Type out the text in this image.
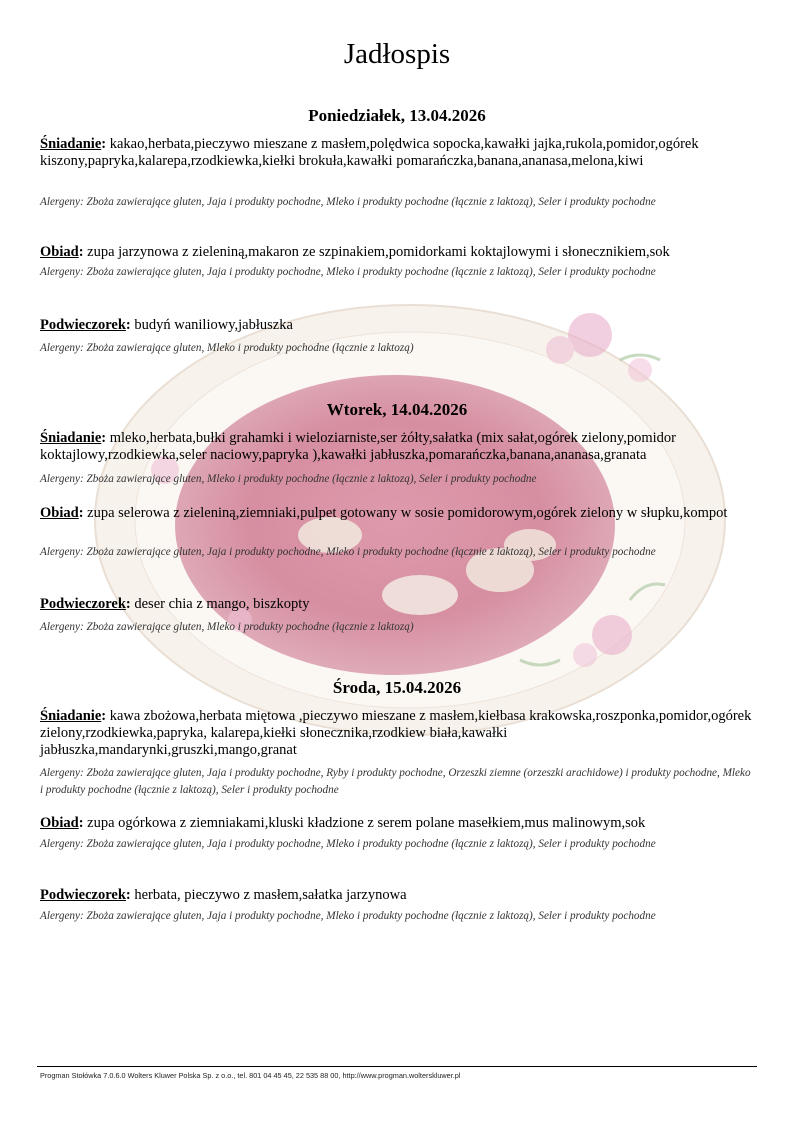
Jadłospis
Poniedziałek, 13.04.2026

Śniadanie: kakao,herbata,pieczywo mieszane z masłem,polędwica sopocka,kawałki jajka,rukola,pomidor,ogórek kiszony,papryka,kalarepa,rzodkiewka,kiełki brokuła,kawałki pomarańczka,banana,ananasa,melona,kiwi

Alergeny: Zboża zawierające gluten, Jaja i produkty pochodne, Mleko i produkty pochodne (łącznie z laktozą), Seler i produkty pochodne

Obiad: zupa jarzynowa z zieleniną,makaron ze szpinakiem,pomidorkami koktajlowymi i słonecznikiem,sok

Alergeny: Zboża zawierające gluten, Jaja i produkty pochodne, Mleko i produkty pochodne (łącznie z laktozą), Seler i produkty pochodne

Podwieczorek: budyń waniliowy,jabłuszka

Alergeny: Zboża zawierające gluten, Mleko i produkty pochodne (łącznie z laktozą)

Wtorek, 14.04.2026

Śniadanie: mleko,herbata,bułki grahamki i wieloziarniste,ser żółty,sałatka (mix sałat,ogórek zielony,pomidor koktajlowy,rzodkiewka,seler naciowy,papryka ),kawałki jabłuszka,pomarańczka,banana,ananasa,granata

Alergeny: Zboża zawierające gluten, Mleko i produkty pochodne (łącznie z laktozą), Seler i produkty pochodne

Obiad: zupa selerowa z zieleniną,ziemniaki,pulpet gotowany w sosie pomidorowym,ogórek zielony w słupku,kompot

Alergeny: Zboża zawierające gluten, Jaja i produkty pochodne, Mleko i produkty pochodne (łącznie z laktozą), Seler i produkty pochodne

Podwieczorek: deser chia z mango, biszkopty

Alergeny: Zboża zawierające gluten, Mleko i produkty pochodne (łącznie z laktozą)

Środa, 15.04.2026

Śniadanie: kawa zbożowa,herbata miętowa ,pieczywo mieszane z masłem,kiełbasa krakowska,roszponka,pomidor,ogórek zielony,rzodkiewka,papryka, kalarepa,kiełki słonecznika,rzodkiew biała,kawałki jabłuszka,mandarynki,gruszki,mango,granat

Alergeny: Zboża zawierające gluten, Jaja i produkty pochodne, Ryby i produkty pochodne, Orzeszki ziemne (orzeszki arachidowe) i produkty pochodne, Mleko i produkty pochodne (łącznie z laktozą), Seler i produkty pochodne

Obiad: zupa ogórkowa z ziemniakami,kluski kładzione z serem polane masełkiem,mus malinowym,sok

Alergeny: Zboża zawierające gluten, Jaja i produkty pochodne, Mleko i produkty pochodne (łącznie z laktozą), Seler i produkty pochodne

Podwieczorek: herbata, pieczywo z masłem,sałatka jarzynowa

Alergeny: Zboża zawierające gluten, Jaja i produkty pochodne, Mleko i produkty pochodne (łącznie z laktozą), Seler i produkty pochodne

Progman Stołówka 7.0.6.0 Wolters Kluwer Polska Sp. z o.o., tel. 801 04 45 45, 22 535 88 00, http://www.progman.wolterskluwer.pl
